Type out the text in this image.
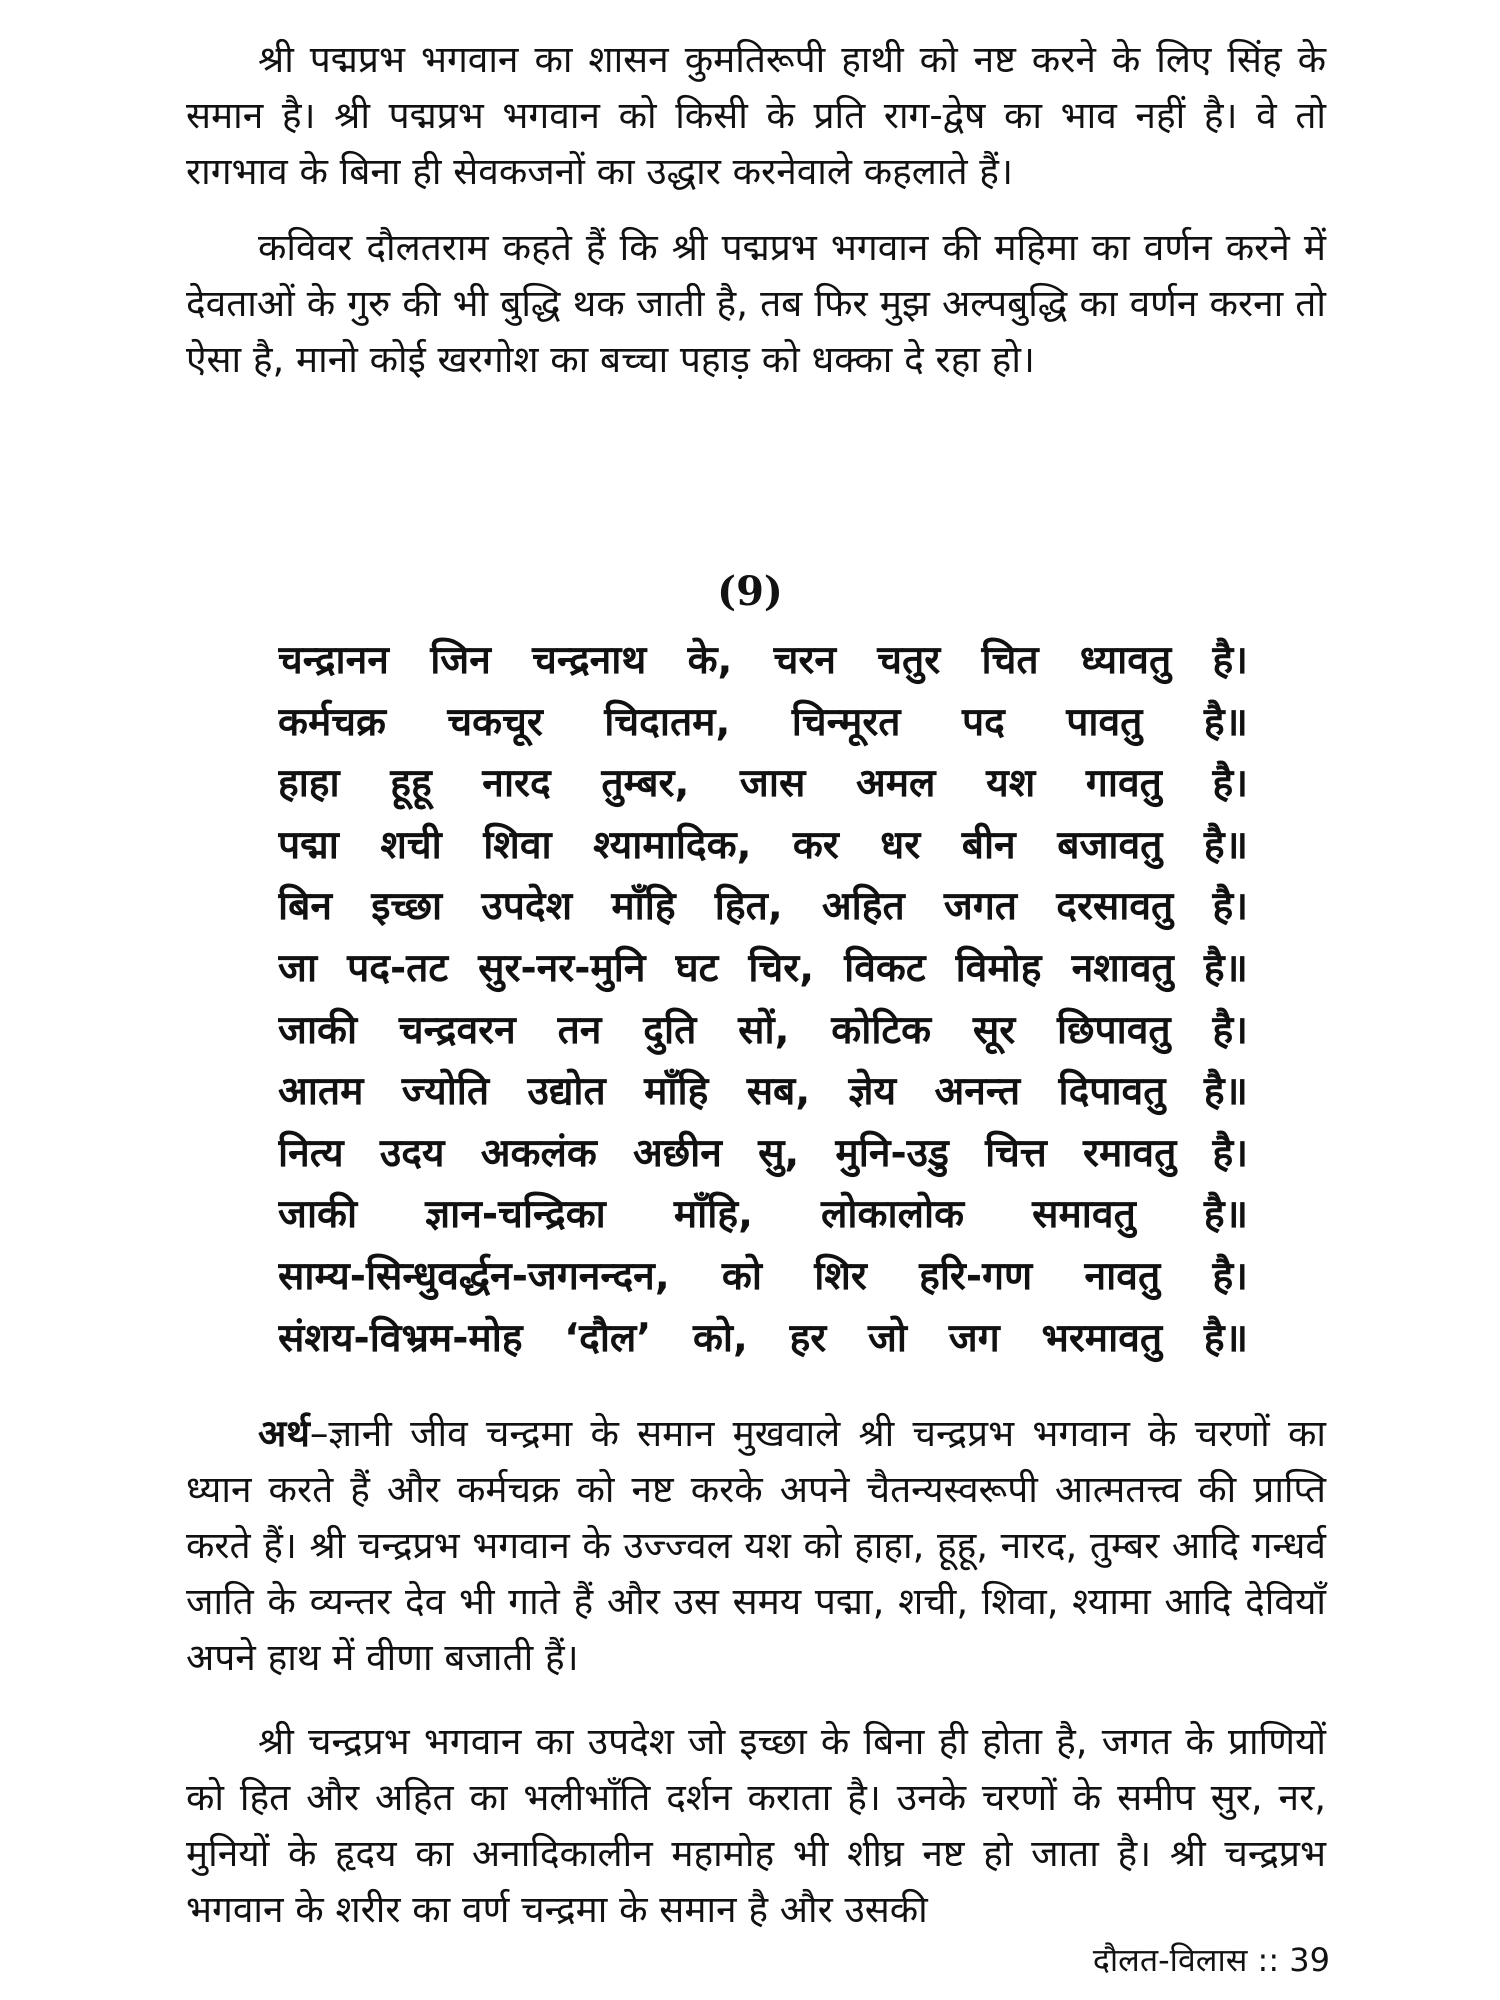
श्री पद्मप्रभ भगवान का शासन कुमतिरूपी हाथी को नष्ट करने के लिए सिंह के समान है। श्री पद्मप्रभ भगवान को किसी के प्रति राग-द्वेष का भाव नहीं है। वे तो रागभाव के बिना ही सेवकजनों का उद्धार करनेवाले कहलाते हैं।

कविवर दौलतराम कहते हैं कि श्री पद्मप्रभ भगवान की महिमा का वर्णन करने में देवताओं के गुरु की भी बुद्धि थक जाती है, तब फिर मुझ अल्पबुद्धि का वर्णन करना तो ऐसा है, मानो कोई खरगोश का बच्चा पहाड़ को धक्का दे रहा हो।

(9)
चन्द्रानन जिन चन्द्रनाथ के, चरन चतुर चित ध्यावतु है।
कर्मचक्र चकचूर चिदातम, चिन्मूरत पद पावतु है॥
हाहा हूहू नारद तुम्बर, जास अमल यश गावतु है।
पद्मा शची शिवा श्यामादिक, कर धर बीन बजावतु है॥
बिन इच्छा उपदेश माँहि हित, अहित जगत दरसावतु है।
जा पद-तट सुर-नर-मुनि घट चिर, विकट विमोह नशावतु है॥
जाकी चन्द्रवरन तन दुति सों, कोटिक सूर छिपावतु है।
आतम ज्योति उद्योत माँहि सब, ज्ञेय अनन्त दिपावतु है॥
नित्य उदय अकलंक अछीन सु, मुनि-उडु चित्त रमावतु है।
जाकी ज्ञान-चन्द्रिका माँहि, लोकालोक समावतु है॥
साम्य-सिन्धुवर्द्धन-जगनन्दन, को शिर हरि-गण नावतु है।
संशय-विभ्रम-मोह ‘दौल’ को, हर जो जग भरमावतु है॥

अर्थ–ज्ञानी जीव चन्द्रमा के समान मुखवाले श्री चन्द्रप्रभ भगवान के चरणों का ध्यान करते हैं और कर्मचक्र को नष्ट करके अपने चैतन्यस्वरूपी आत्मतत्त्व की प्राप्ति करते हैं। श्री चन्द्रप्रभ भगवान के उज्ज्वल यश को हाहा, हूहू, नारद, तुम्बर आदि गन्धर्व जाति के व्यन्तर देव भी गाते हैं और उस समय पद्मा, शची, शिवा, श्यामा आदि देवियाँ अपने हाथ में वीणा बजाती हैं।

श्री चन्द्रप्रभ भगवान का उपदेश जो इच्छा के बिना ही होता है, जगत के प्राणियों को हित और अहित का भलीभाँति दर्शन कराता है। उनके चरणों के समीप सुर, नर, मुनियों के हृदय का अनादिकालीन महामोह भी शीघ्र नष्ट हो जाता है। श्री चन्द्रप्रभ भगवान के शरीर का वर्ण चन्द्रमा के समान है और उसकी

दौलत-विलास :: 39
